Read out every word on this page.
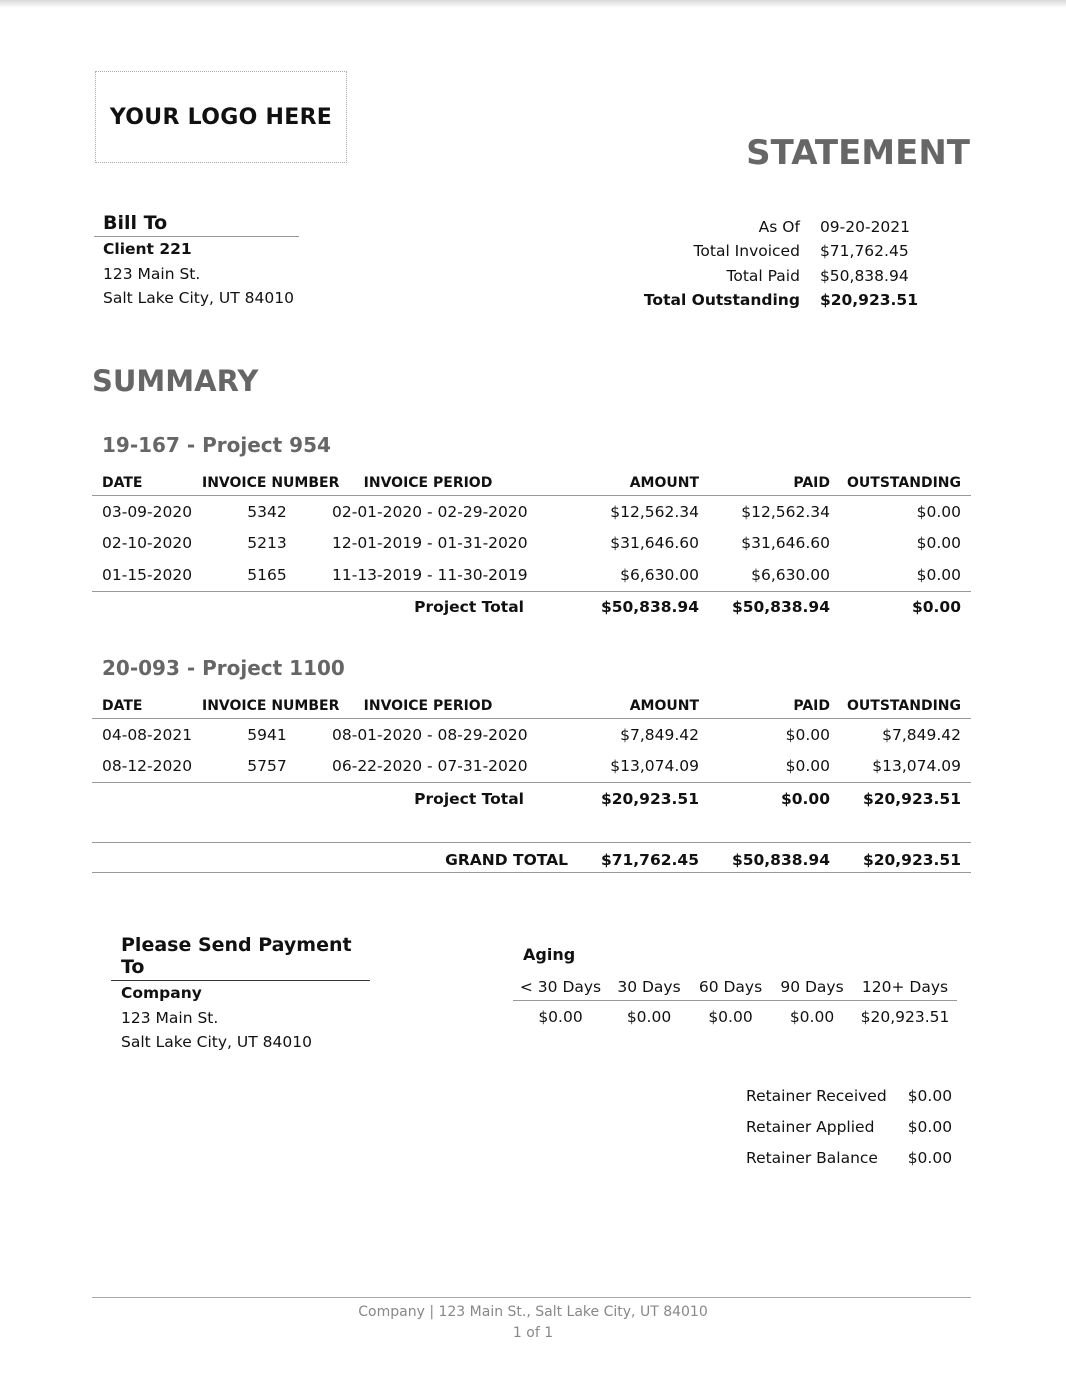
YOUR LOGO HERE
STATEMENT
Bill To
Client 221
123 Main St.
Salt Lake City, UT 84010
As Of	09-20-2021
Total Invoiced	$71,762.45
Total Paid	$50,838.94
Total Outstanding	$20,923.51
SUMMARY
19-167 - Project 954
DATE	INVOICE NUMBER	INVOICE PERIOD	AMOUNT	PAID	OUTSTANDING
03-09-2020	5342	02-01-2020 - 02-29-2020	$12,562.34	$12,562.34	$0.00
02-10-2020	5213	12-01-2019 - 01-31-2020	$31,646.60	$31,646.60	$0.00
01-15-2020	5165	11-13-2019 - 11-30-2019	$6,630.00	$6,630.00	$0.00
		Project Total	$50,838.94	$50,838.94	$0.00
20-093 - Project 1100
DATE	INVOICE NUMBER	INVOICE PERIOD	AMOUNT	PAID	OUTSTANDING
04-08-2021	5941	08-01-2020 - 08-29-2020	$7,849.42	$0.00	$7,849.42
08-12-2020	5757	06-22-2020 - 07-31-2020	$13,074.09	$0.00	$13,074.09
		Project Total	$20,923.51	$0.00	$20,923.51
GRAND TOTAL $71,762.45 $50,838.94 $20,923.51
Please Send Payment To
Company
123 Main St.
Salt Lake City, UT 84010
Aging
< 30 Days	30 Days	60 Days	90 Days	120+ Days
$0.00	$0.00	$0.00	$0.00	$20,923.51
Retainer Received	$0.00
Retainer Applied	$0.00
Retainer Balance	$0.00
Company | 123 Main St., Salt Lake City, UT 84010
1 of 1
